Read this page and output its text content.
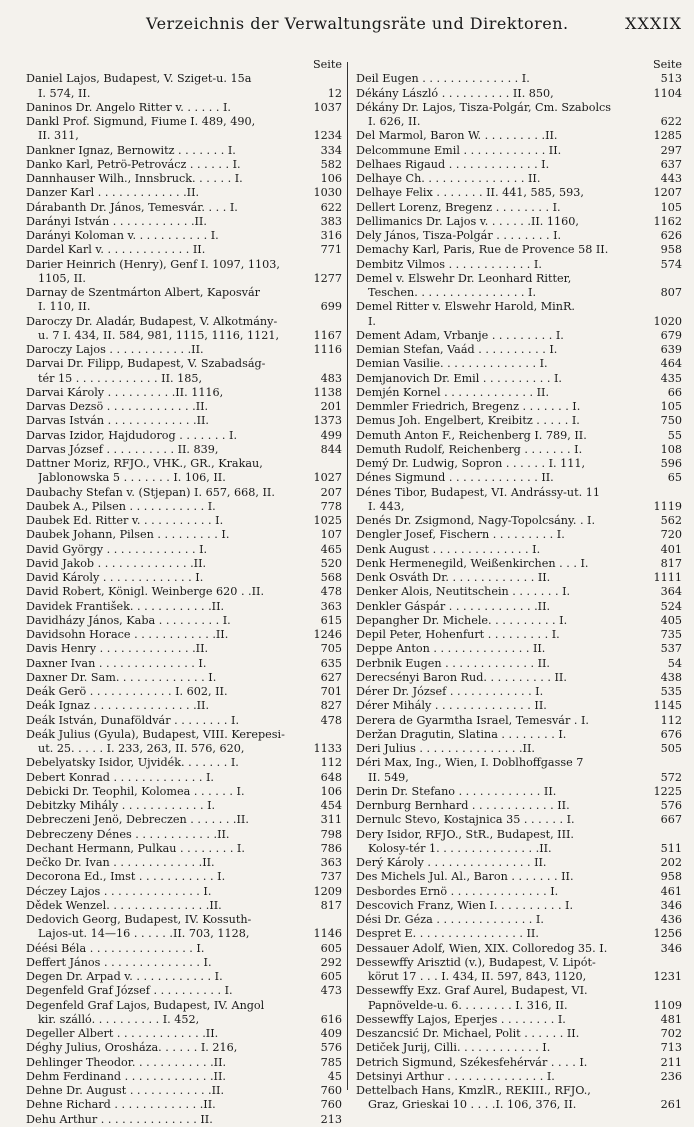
Verzeichnis der Verwaltungsräte und Direktoren.	XXXIX
Seite
Daniel Lajos, Budapest, V. Sziget-u. 15a
I. 574, II.	12
Daninos Dr. Angelo Ritter v. . . . . . I.	1037
Dankl Prof. Sigmund, Fiume I. 489, 490,
II. 311,	1234
Dankner Ignaz, Bernowitz . . . . . . . I.	334
Danko Karl, Petrö-Petrovácz . . . . . . I.	582
Dannhauser Wilh., Innsbruck. . . . . . I.	106
Danzer Karl . . . . . . . . . . . . .II.	1030
Dárabanth Dr. János, Temesvár. . . . I.	622
Darányi István . . . . . . . . . . . .II.	383
Darányi Koloman v. . . . . . . . . . . I.	316
Dardel Karl v. . . . . . . . . . . . . II.	771
Darier Heinrich (Henry), Genf I. 1097, 1103,
1105, II.	1277
Darnay de Szentmárton Albert, Kaposvár
I. 110, II.	699
Daroczy Dr. Aladár, Budapest, V. Alkotmány-
u. 7 I. 434, II. 584, 981, 1115, 1116, 1121,	1167
Daroczy Lajos . . . . . . . . . . . .II.	1116
Darvai Dr. Filipp, Budapest, V. Szabadság-
tér 15 . . . . . . . . . . . . II. 185,	483
Darvai Károly . . . . . . . . . .II. 1116,	1138
Darvas Dezsö . . . . . . . . . . . . .II.	201
Darvas István . . . . . . . . . . . . .II.	1373
Darvas Izidor, Hajdudorog . . . . . . . I.	499
Darvas József . . . . . . . . . . II. 839,	844
Dattner Moriz, RFJO., VHK., GR., Krakau,
Jablonowska 5 . . . . . . . I. 106, II.	1027
Daubachy Stefan v. (Stjepan) I. 657, 668, II.	207
Daubek A., Pilsen . . . . . . . . . . . I.	778
Daubek Ed. Ritter v. . . . . . . . . . . I.	1025
Daubek Johann, Pilsen . . . . . . . . . I.	107
David György . . . . . . . . . . . . . I.	465
David Jakob . . . . . . . . . . . . . .II.	520
David Károly . . . . . . . . . . . . . I.	568
David Robert, Königl. Weinberge 620 . .II.	478
Davidek František. . . . . . . . . . . .II.	363
Davidházy János, Kaba . . . . . . . . . I.	615
Davidsohn Horace . . . . . . . . . . . .II.	1246
Davis Henry . . . . . . . . . . . . . .II.	705
Daxner Ivan . . . . . . . . . . . . . . I.	635
Daxner Dr. Sam. . . . . . . . . . . . . I.	627
Deák Gerö . . . . . . . . . . . . I. 602, II.	701
Deák Ignaz . . . . . . . . . . . . . . .II.	827
Deák István, Dunaföldvár . . . . . . . . I.	478
Deák Julius (Gyula), Budapest, VIII. Kerepesi-
ut. 25. . . . . I. 233, 263, II. 576, 620,	1133
Debelyatsky Isidor, Ujvidék. . . . . . . I.	112
Debert Konrad . . . . . . . . . . . . . I.	648
Debicki Dr. Teophil, Kolomea . . . . . . I.	106
Debitzky Mihály . . . . . . . . . . . . I.	454
Debreczeni Jenö, Debreczen . . . . . . .II.	311
Debreczeny Dénes . . . . . . . . . . . .II.	798
Dechant Hermann, Pulkau . . . . . . . . I.	786
Dečko Dr. Ivan . . . . . . . . . . . . .II.	363
Decorona Ed., Imst . . . . . . . . . . . I.	737
Déczey Lajos . . . . . . . . . . . . . . I.	1209
Dědek Wenzel. . . . . . . . . . . . . . .II.	817
Dedovich Georg, Budapest, IV. Kossuth-
Lajos-ut. 14—16 . . . . . .II. 703, 1128,	1146
Déési Béla . . . . . . . . . . . . . . . I.	605
Deffert János . . . . . . . . . . . . . . I.	292
Degen Dr. Arpad v. . . . . . . . . . . . I.	605
Degenfeld Graf József . . . . . . . . . . I.	473
Degenfeld Graf Lajos, Budapest, IV. Angol
kir. szálló. . . . . . . . . . I. 452,	616
Degeller Albert . . . . . . . . . . . . .II.	409
Déghy Julius, Orosháza. . . . . . I. 216,	576
Dehlinger Theodor. . . . . . . . . . . .II.	785
Dehm Ferdinand . . . . . . . . . . . . .II.	45
Dehne Dr. August . . . . . . . . . . . .II.	760
Dehne Richard . . . . . . . . . . . . .II.	760
Dehu Arthur . . . . . . . . . . . . . . II.	213
Seite
Deil Eugen . . . . . . . . . . . . . . I.	513
Dékány László . . . . . . . . . . II. 850,	1104
Dékány Dr. Lajos, Tisza-Polgár, Cm. Szabolcs
I. 626, II.	622
Del Marmol, Baron W. . . . . . . . . .II.	1285
Delcommune Emil . . . . . . . . . . . . II.	297
Delhaes Rigaud . . . . . . . . . . . . . I.	637
Delhaye Ch. . . . . . . . . . . . . . . II.	443
Delhaye Felix . . . . . . . II. 441, 585, 593,	1207
Dellert Lorenz, Bregenz . . . . . . . . I.	105
Dellimanics Dr. Lajos v. . . . . . .II. 1160,	1162
Dely János, Tisza-Polgár . . . . . . . . I.	626
Demachy Karl, Paris, Rue de Provence 58 II.	958
Dembitz Vilmos . . . . . . . . . . . . I.	574
Demel v. Elswehr Dr. Leonhard Ritter,
Teschen. . . . . . . . . . . . . . . . I.	807
Demel Ritter v. Elswehr Harold, MinR.
I.	1020
Dement Adam, Vrbanje . . . . . . . . . I.	679
Demian Stefan, Vaád . . . . . . . . . . I.	639
Demian Vasilie. . . . . . . . . . . . . . I.	464
Demjanovich Dr. Emil . . . . . . . . . . I.	435
Demjén Kornel . . . . . . . . . . . . . II.	66
Demmler Friedrich, Bregenz . . . . . . . I.	105
Demus Joh. Engelbert, Kreibitz . . . . . I.	750
Demuth Anton F., Reichenberg I. 789, II.	55
Demuth Rudolf, Reichenberg . . . . . . . I.	108
Demý Dr. Ludwig, Sopron . . . . . . I. 111,	596
Dénes Sigmund . . . . . . . . . . . . . II.	65
Dénes Tibor, Budapest, VI. Andrássy-ut. 11
I. 443,	1119
Denés Dr. Zsigmond, Nagy-Topolcsány. . I.	562
Dengler Josef, Fischern . . . . . . . . . I.	720
Denk August . . . . . . . . . . . . . . I.	401
Denk Hermenegild, Weißenkirchen . . . I.	817
Denk Osváth Dr. . . . . . . . . . . . . II.	1111
Denker Alois, Neutitschein . . . . . . . I.	364
Denkler Gáspár . . . . . . . . . . . . .II.	524
Depangher Dr. Michele. . . . . . . . . . I.	405
Depil Peter, Hohenfurt . . . . . . . . . I.	735
Deppe Anton . . . . . . . . . . . . . . II.	537
Derbnik Eugen . . . . . . . . . . . . . II.	54
Derecsényi Baron Rud. . . . . . . . . . II.	438
Dérer Dr. József . . . . . . . . . . . . I.	535
Dérer Mihály . . . . . . . . . . . . . . II.	1145
Derera de Gyarmtha Israel, Temesvár . I.	112
Deržan Dragutin, Slatina . . . . . . . . I.	676
Deri Julius . . . . . . . . . . . . . . .II.	505
Déri Max, Ing., Wien, I. Doblhoffgasse 7
II. 549,	572
Derin Dr. Stefano . . . . . . . . . . . . II.	1225
Dernburg Bernhard . . . . . . . . . . . . II.	576
Dernulc Stevo, Kostajnica 35 . . . . . . I.	667
Dery Isidor, RFJO., StR., Budapest, III.
Kolosy-tér 1. . . . . . . . . . . . . . .II.	511
Derý Károly . . . . . . . . . . . . . . . II.	202
Des Michels Jul. Al., Baron . . . . . . . II.	958
Desbordes Ernö . . . . . . . . . . . . . . I.	461
Descovich Franz, Wien I. . . . . . . . . . I.	346
Dési Dr. Géza . . . . . . . . . . . . . . I.	436
Despret E. . . . . . . . . . . . . . . . II.	1256
Dessauer Adolf, Wien, XIX. Colloredog 35. I.	346
Dessewffy Arisztid (v.), Budapest, V. Lipót-
körut 17 . . . I. 434, II. 597, 843, 1120,	1231
Dessewffy Exz. Graf Aurel, Budapest, VI.
Papnövelde-u. 6. . . . . . . . I. 316, II.	1109
Dessewffy Lajos, Eperjes . . . . . . . . I.	481
Deszancsić Dr. Michael, Polit . . . . . . II.	702
Detiček Jurij, Cilli. . . . . . . . . . . . I.	713
Detrich Sigmund, Székesfehérvár . . . . I.	211
Detsinyi Arthur . . . . . . . . . . . . . . I.	236
Dettelbach Hans, KmzlR., REKIII., RFJO.,
Graz, Grieskai 10 . . . .I. 106, 376, II.	261
